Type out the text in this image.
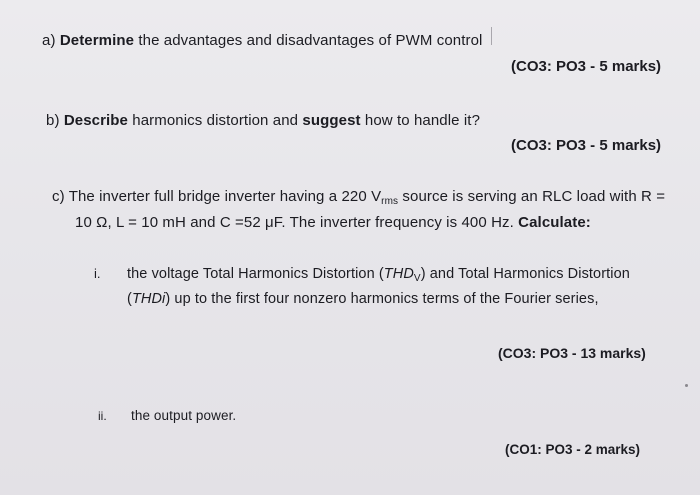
a) Determine the advantages and disadvantages of PWM control
(CO3: PO3 - 5 marks)
b) Describe harmonics distortion and suggest how to handle it?
(CO3: PO3 - 5 marks)
c) The inverter full bridge inverter having a 220 $V_{rms}$ source is serving an RLC load with R =
10 Ω, L = 10 mH and C =52 μF. The inverter frequency is 400 Hz. Calculate:
i. the voltage Total Harmonics Distortion $(THD_V)$ and Total Harmonics Distortion
(THDi) up to the first four nonzero harmonics terms of the Fourier series,
(CO3: PO3 - 13 marks)
ii. the output power.
(CO1: PO3 - 2 marks)
